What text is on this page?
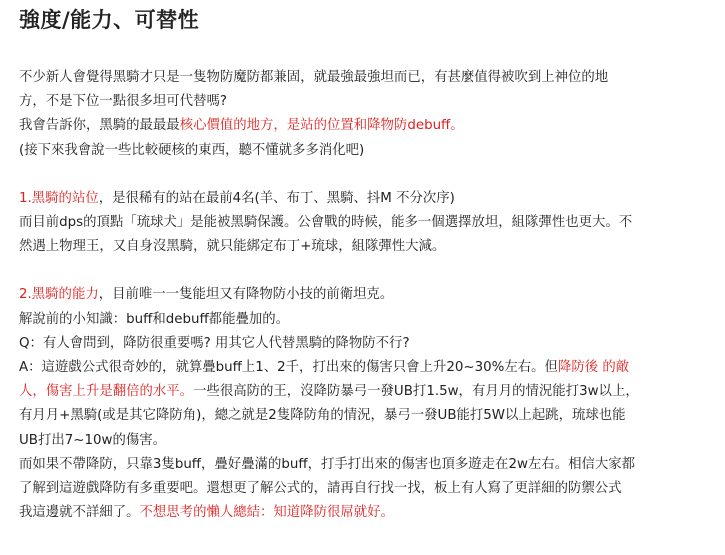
強度/能力、可替性

不少新人會覺得黑騎才只是一隻物防魔防都兼固，就最強最強坦而已，有甚麼值得被吹到上神位的地

方，不是下位一點很多坦可代替嗎?

我會告訴你，黑騎的最最最核心價值的地方，是站的位置和降物防debuff。

(接下來我會說一些比較硬核的東西，聽不懂就多多消化吧)

1.黑騎的站位，是很稀有的站在最前4名(羊、布丁、黑騎、抖M 不分次序)

而目前dps的頂點「琉球犬」是能被黑騎保護。公會戰的時候，能多一個選擇放坦，組隊彈性也更大。不

然遇上物理王，又自身沒黑騎，就只能綁定布丁+琉球，組隊彈性大減。

2.黑騎的能力，目前唯一一隻能坦又有降物防小技的前衛坦克。

解說前的小知識：buff和debuff都能疊加的。

Q：有人會問到，降防很重要嗎? 用其它人代替黑騎的降物防不行?

A：這遊戲公式很奇妙的，就算疊buff上1、2千，打出來的傷害只會上升20~30%左右。但降防後 的敵

人，傷害上升是翻倍的水平。一些很高防的王，沒降防暴弓一發UB打1.5w，有月月的情況能打3w以上，

有月月+黑騎(或是其它降防角)，總之就是2隻降防角的情況，暴弓一發UB能打5W以上起跳，琉球也能

UB打出7~10w的傷害。

而如果不帶降防，只靠3隻buff，疊好疊滿的buff，打手打出來的傷害也頂多遊走在2w左右。相信大家都

了解到這遊戲降防有多重要吧。還想更了解公式的，請再自行找一找，板上有人寫了更詳細的防禦公式

我這邊就不詳細了。不想思考的懶人總結：知道降防很屌就好。
